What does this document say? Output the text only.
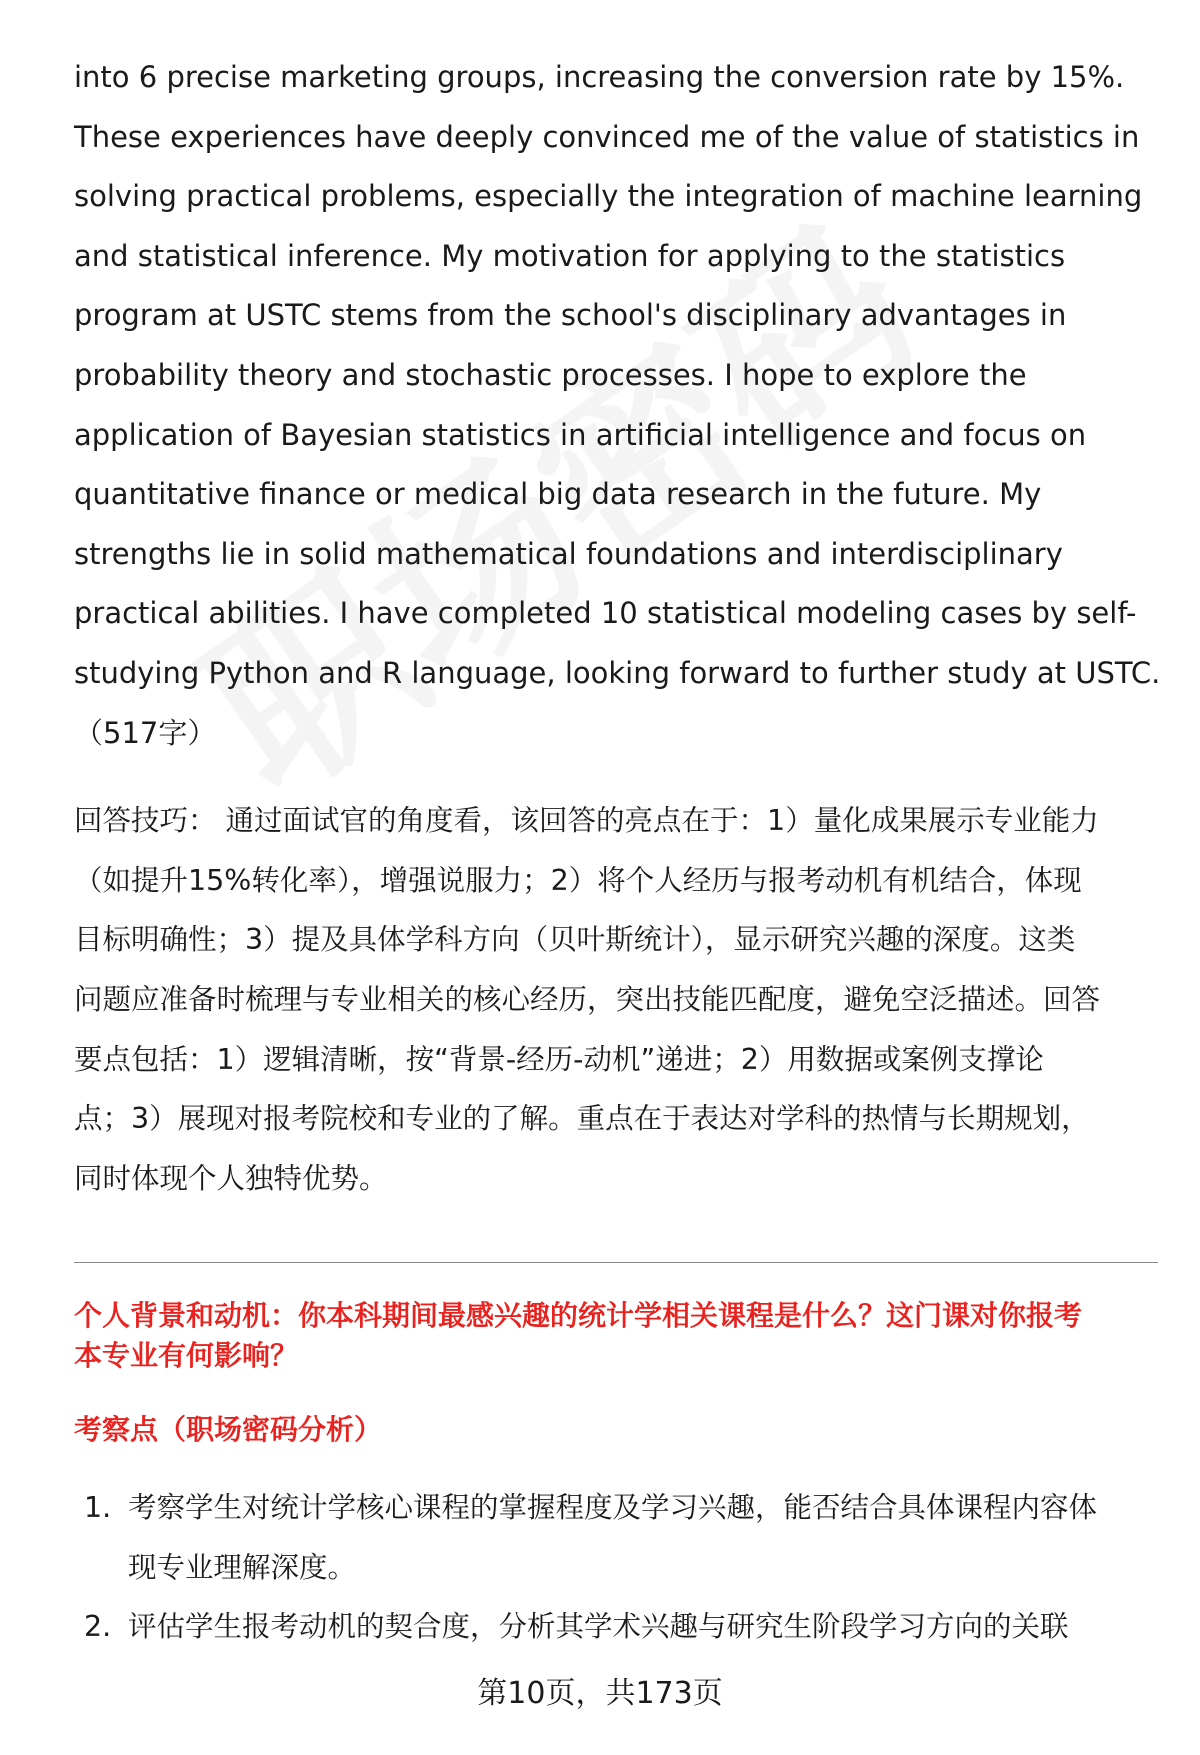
into 6 precise marketing groups, increasing the conversion rate by 15%.
These experiences have deeply convinced me of the value of statistics in
solving practical problems, especially the integration of machine learning
and statistical inference. My motivation for applying to the statistics
program at USTC stems from the school's disciplinary advantages in
probability theory and stochastic processes. I hope to explore the
application of Bayesian statistics in artificial intelligence and focus on
quantitative finance or medical big data research in the future. My
strengths lie in solid mathematical foundations and interdisciplinary
practical abilities. I have completed 10 statistical modeling cases by self-
studying Python and R language, looking forward to further study at USTC.
（517字）

回答技巧： 通过面试官的角度看，该回答的亮点在于：1）量化成果展示专业能力
（如提升15%转化率），增强说服力；2）将个人经历与报考动机有机结合，体现
目标明确性；3）提及具体学科方向（贝叶斯统计），显示研究兴趣的深度。这类
问题应准备时梳理与专业相关的核心经历，突出技能匹配度，避免空泛描述。回答
要点包括：1）逻辑清晰，按“背景-经历-动机”递进；2）用数据或案例支撑论
点；3）展现对报考院校和专业的了解。重点在于表达对学科的热情与长期规划，
同时体现个人独特优势。

个人背景和动机：你本科期间最感兴趣的统计学相关课程是什么？这门课对你报考
本专业有何影响？
考察点（职场密码分析）
1. 考察学生对统计学核心课程的掌握程度及学习兴趣，能否结合具体课程内容体
现专业理解深度。
2. 评估学生报考动机的契合度，分析其学术兴趣与研究生阶段学习方向的关联
第10页，共173页
